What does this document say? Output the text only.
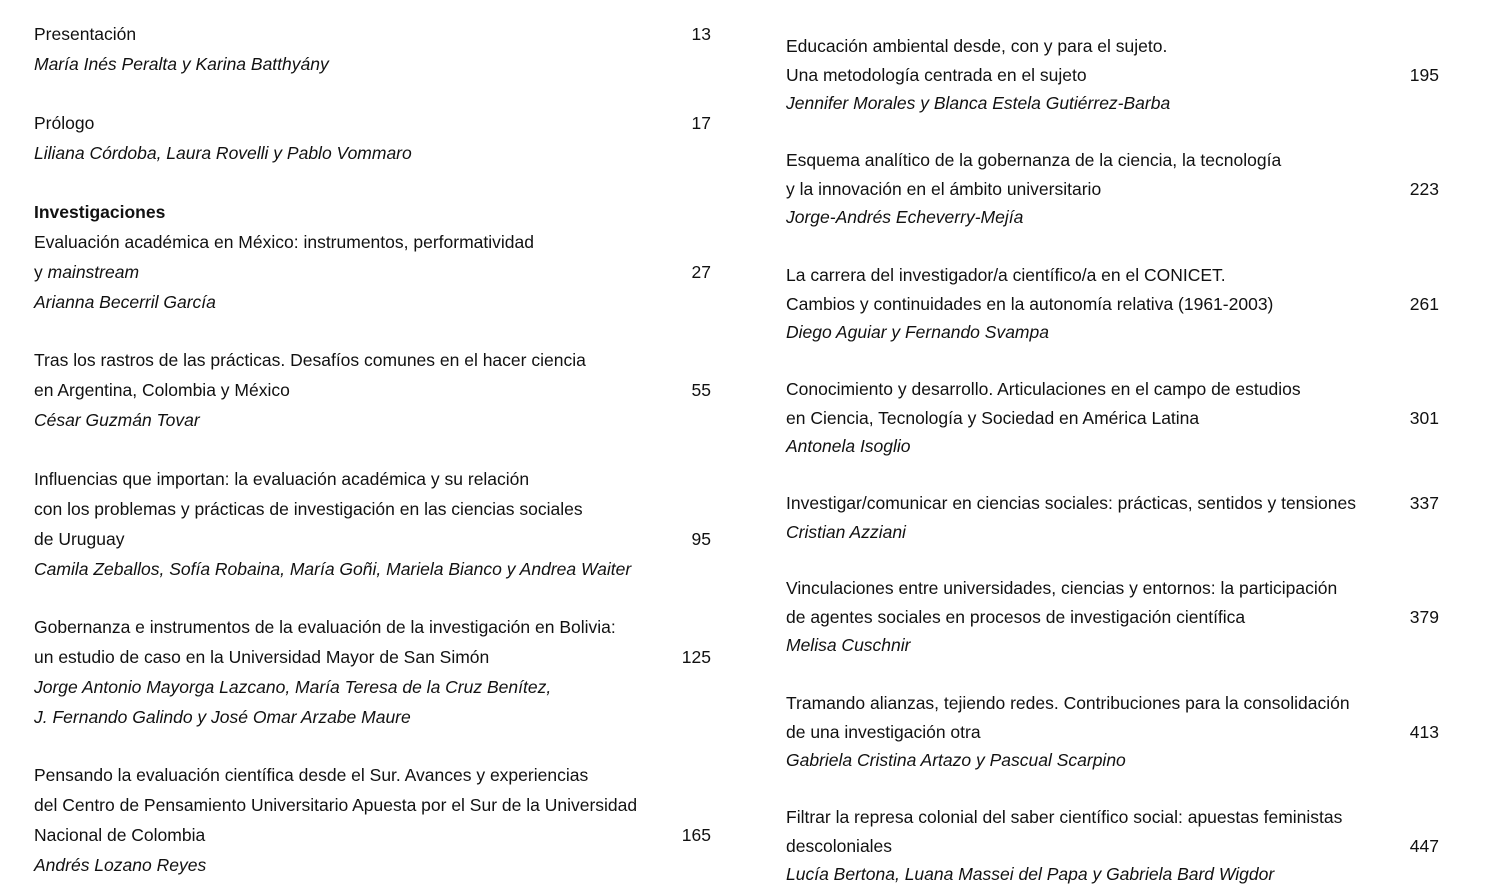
Presentación	13
María Inés Peralta y Karina Batthyány
Prólogo	17
Liliana Córdoba, Laura Rovelli y Pablo Vommaro
Investigaciones
Evaluación académica en México: instrumentos, performatividad
y mainstream	27
Arianna Becerril García
Tras los rastros de las prácticas. Desafíos comunes en el hacer ciencia
en Argentina, Colombia y México	55
César Guzmán Tovar
Influencias que importan: la evaluación académica y su relación
con los problemas y prácticas de investigación en las ciencias sociales
de Uruguay	95
Camila Zeballos, Sofía Robaina, María Goñi, Mariela Bianco y Andrea Waiter
Gobernanza e instrumentos de la evaluación de la investigación en Bolivia:
un estudio de caso en la Universidad Mayor de San Simón	125
Jorge Antonio Mayorga Lazcano, María Teresa de la Cruz Benítez,
J. Fernando Galindo y José Omar Arzabe Maure
Pensando la evaluación científica desde el Sur. Avances y experiencias
del Centro de Pensamiento Universitario Apuesta por el Sur de la Universidad
Nacional de Colombia	165
Andrés Lozano Reyes
Educación ambiental desde, con y para el sujeto.
Una metodología centrada en el sujeto	195
Jennifer Morales y Blanca Estela Gutiérrez-Barba
Esquema analítico de la gobernanza de la ciencia, la tecnología
y la innovación en el ámbito universitario	223
Jorge-Andrés Echeverry-Mejía
La carrera del investigador/a científico/a en el CONICET.
Cambios y continuidades en la autonomía relativa (1961-2003)	261
Diego Aguiar y Fernando Svampa
Conocimiento y desarrollo. Articulaciones en el campo de estudios
en Ciencia, Tecnología y Sociedad en América Latina	301
Antonela Isoglio
Investigar/comunicar en ciencias sociales: prácticas, sentidos y tensiones	337
Cristian Azziani
Vinculaciones entre universidades, ciencias y entornos: la participación
de agentes sociales en procesos de investigación científica	379
Melisa Cuschnir
Tramando alianzas, tejiendo redes. Contribuciones para la consolidación
de una investigación otra	413
Gabriela Cristina Artazo y Pascual Scarpino
Filtrar la represa colonial del saber científico social: apuestas feministas
descoloniales	447
Lucía Bertona, Luana Massei del Papa y Gabriela Bard Wigdor
